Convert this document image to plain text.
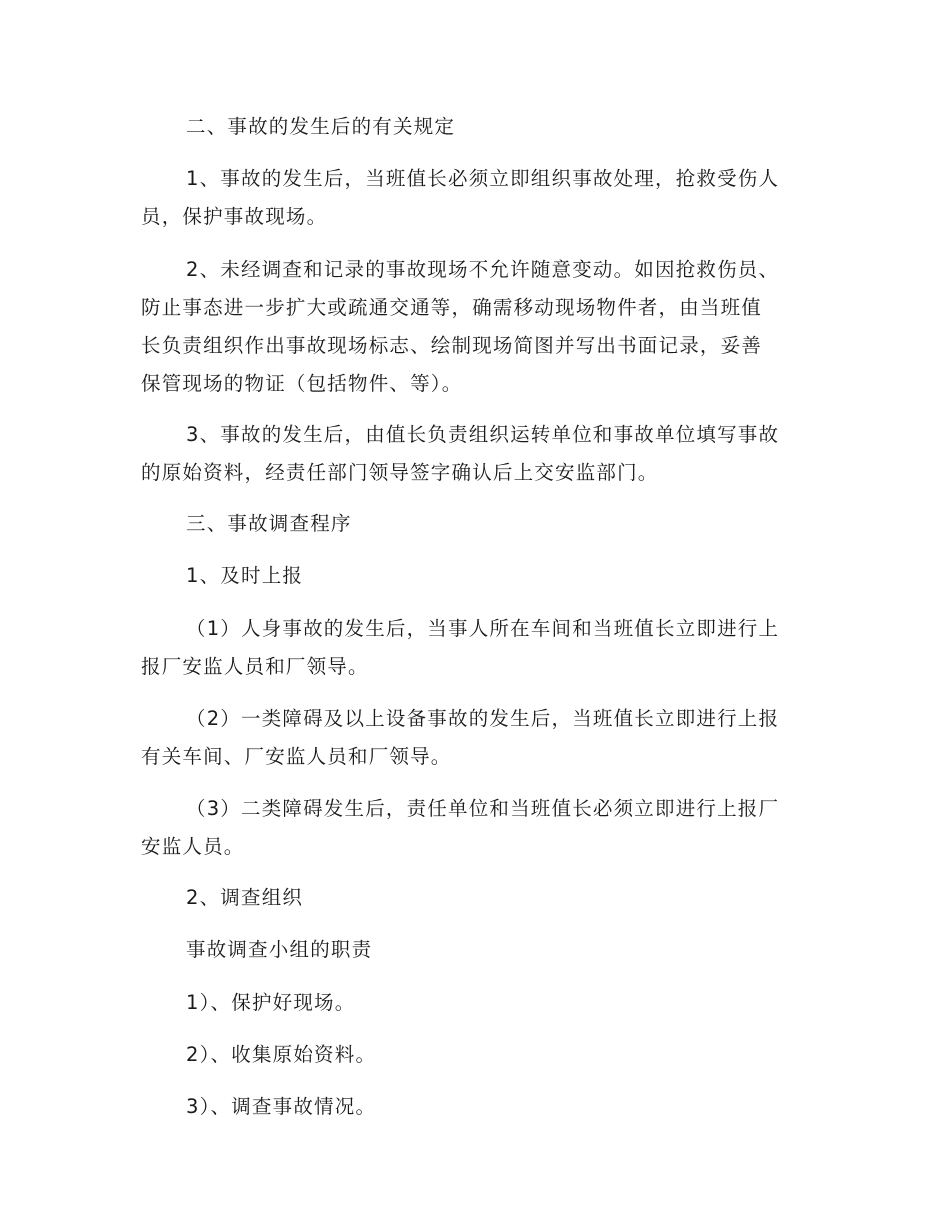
二、事故的发生后的有关规定

1、事故的发生后，当班值长必须立即组织事故处理，抢救受伤人
员，保护事故现场。

2、未经调查和记录的事故现场不允许随意变动。如因抢救伤员、
防止事态进一步扩大或疏通交通等，确需移动现场物件者，由当班值
长负责组织作出事故现场标志、绘制现场简图并写出书面记录，妥善
保管现场的物证（包括物件、等）。

3、事故的发生后，由值长负责组织运转单位和事故单位填写事故
的原始资料，经责任部门领导签字确认后上交安监部门。

三、事故调查程序

1、及时上报

（1）人身事故的发生后，当事人所在车间和当班值长立即进行上
报厂安监人员和厂领导。

（2）一类障碍及以上设备事故的发生后，当班值长立即进行上报
有关车间、厂安监人员和厂领导。

（3）二类障碍发生后，责任单位和当班值长必须立即进行上报厂
安监人员。

2、调查组织

事故调查小组的职责

1）、保护好现场。

2）、收集原始资料。

3）、调查事故情况。
